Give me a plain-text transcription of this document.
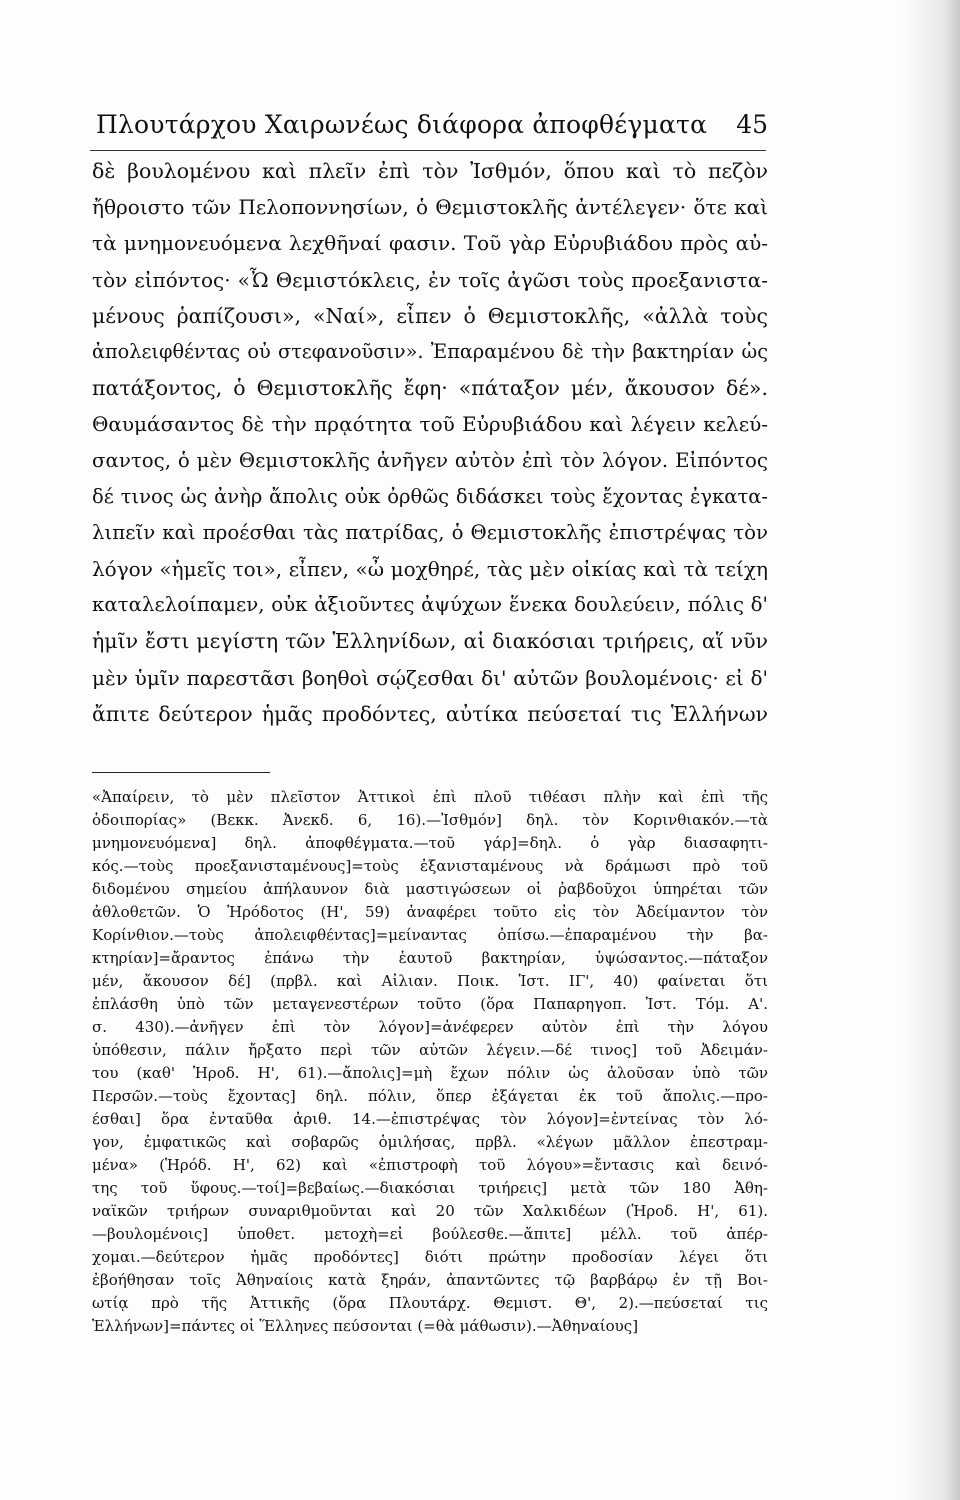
Πλουτάρχου Χαιρωνέως διάφορα ἀποφθέγματα 45
δὲ βουλομένου καὶ πλεῖν ἐπὶ τὸν Ἰσθμόν, ὅπου καὶ τὸ πεζὸν
ἤθροιστο τῶν Πελοποννησίων, ὁ Θεμιστοκλῆς ἀντέλεγεν· ὅτε καὶ
τὰ μνημονευόμενα λεχθῆναί φασιν. Τοῦ γὰρ Εὐρυβιάδου πρὸς αὐ-
τὸν εἰπόντος· «Ὦ Θεμιστόκλεις, ἐν τοῖς ἀγῶσι τοὺς προεξανιστα-
μένους ῥαπίζουσι», «Ναί», εἶπεν ὁ Θεμιστοκλῆς, «ἀλλὰ τοὺς
ἀπολειφθέντας οὐ στεφανοῦσιν». Ἐπαραμένου δὲ τὴν βακτηρίαν ὡς
πατάξοντος, ὁ Θεμιστοκλῆς ἔφη· «πάταξον μέν, ἄκουσον δέ».
Θαυμάσαντος δὲ τὴν πρᾳότητα τοῦ Εὐρυβιάδου καὶ λέγειν κελεύ-
σαντος, ὁ μὲν Θεμιστοκλῆς ἀνῆγεν αὐτὸν ἐπὶ τὸν λόγον. Εἰπόντος
δέ τινος ὡς ἀνὴρ ἄπολις οὐκ ὀρθῶς διδάσκει τοὺς ἔχοντας ἐγκατα-
λιπεῖν καὶ προέσθαι τὰς πατρίδας, ὁ Θεμιστοκλῆς ἐπιστρέψας τὸν
λόγον «ἡμεῖς τοι», εἶπεν, «ὦ μοχθηρέ, τὰς μὲν οἰκίας καὶ τὰ τείχη
καταλελοίπαμεν, οὐκ ἀξιοῦντες ἀψύχων ἕνεκα δουλεύειν, πόλις δ'
ἡμῖν ἔστι μεγίστη τῶν Ἑλληνίδων, αἱ διακόσιαι τριήρεις, αἵ νῦν
μὲν ὑμῖν παρεστᾶσι βοηθοὶ σῴζεσθαι δι' αὐτῶν βουλομένοις· εἰ δ'
ἄπιτε δεύτερον ἡμᾶς προδόντες, αὐτίκα πεύσεταί τις Ἑλλήνων
«Ἀπαίρειν, τὸ μὲν πλεῖστον Ἀττικοὶ ἐπὶ πλοῦ τιθέασι πλὴν καὶ ἐπὶ τῆς
ὁδοιπορίας» (Βεκκ. Ἀνεκδ. 6, 16).—Ἰσθμόν] δηλ. τὸν Κορινθιακόν.—τὰ
μνημονευόμενα] δηλ. ἀποφθέγματα.—τοῦ γάρ]=δηλ. ὁ γὰρ διασαφητι-
κός.—τοὺς προεξανισταμένους]=τοὺς ἐξανισταμένους νὰ δράμωσι πρὸ τοῦ
διδομένου σημείου ἀπήλαυνον διὰ μαστιγώσεων οἱ ῥαβδοῦχοι ὑπηρέται τῶν
ἀθλοθετῶν. Ὁ Ἡρόδοτος (Η', 59) ἀναφέρει τοῦτο εἰς τὸν Ἀδείμαντον τὸν
Κορίνθιον.—τοὺς ἀπολειφθέντας]=μείναντας ὀπίσω.—ἐπαραμένου τὴν βα-
κτηρίαν]=ἄραντος ἐπάνω τὴν ἑαυτοῦ βακτηρίαν, ὑψώσαντος.—πάταξον
μέν, ἄκουσον δέ] (πρβλ. καὶ Αἰλιαν. Ποικ. Ἱστ. ΙΓ', 40) φαίνεται ὅτι
ἐπλάσθη ὑπὸ τῶν μεταγενεστέρων τοῦτο (ὅρα Παπαρηγοπ. Ἱστ. Τόμ. Α'.
σ. 430).—ἀνῆγεν ἐπὶ τὸν λόγον]=ἀνέφερεν αὐτὸν ἐπὶ τὴν λόγου
ὑπόθεσιν, πάλιν ἤρξατο περὶ τῶν αὐτῶν λέγειν.—δέ τινος] τοῦ Ἀδειμάν-
του (καθ' Ἡροδ. Η', 61).—ἄπολις]=μὴ ἔχων πόλιν ὡς ἁλοῦσαν ὑπὸ τῶν
Περσῶν.—τοὺς ἔχοντας] δηλ. πόλιν, ὅπερ ἐξάγεται ἐκ τοῦ ἄπολις.—προ-
έσθαι] ὅρα ἐνταῦθα ἀριθ. 14.—ἐπιστρέψας τὸν λόγον]=ἐντείνας τὸν λό-
γον, ἐμφατικῶς καὶ σοβαρῶς ὁμιλήσας, πρβλ. «λέγων μᾶλλον ἐπεστραμ-
μένα» (Ἡρόδ. Η', 62) καὶ «ἐπιστροφὴ τοῦ λόγου»=ἔντασις καὶ δεινό-
της τοῦ ὕφους.—τοί]=βεβαίως.—διακόσιαι τριήρεις] μετὰ τῶν 180 Ἀθη-
ναϊκῶν τριήρων συναριθμοῦνται καὶ 20 τῶν Χαλκιδέων (Ἡροδ. Η', 61).
—βουλομένοις] ὑποθετ. μετοχὴ=εἰ βούλεσθε.—ἄπιτε] μέλλ. τοῦ ἀπέρ-
χομαι.—δεύτερον ἡμᾶς προδόντες] διότι πρώτην προδοσίαν λέγει ὅτι
ἐβοήθησαν τοῖς Ἀθηναίοις κατὰ ξηράν, ἀπαντῶντες τῷ βαρβάρῳ ἐν τῇ Βοι-
ωτίᾳ πρὸ τῆς Ἀττικῆς (ὅρα Πλουτάρχ. Θεμιστ. Θ', 2).—πεύσεταί τις
Ἑλλήνων]=πάντες οἱ Ἕλληνες πεύσονται (=θὰ μάθωσιν).—Ἀθηναίους]
